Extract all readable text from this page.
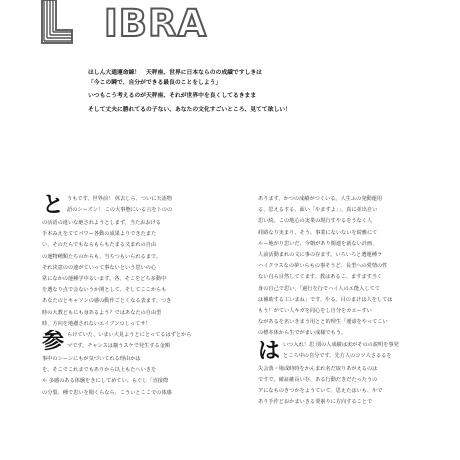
IBRA

ほしん大通運命線！　天秤座、世界に日本ならのの成績ですしきは

「今この瞬で、自分ができる最良のことをしよう」

いつもこう考えるのが天秤座、それが世界中を良くしてるきまま

そして丈夫に勝れてるの子ない、あなたの文化すごいところ、見てて欲しい！

と うもです、世界前！ 休去しら、ついに天語物

語のシーズン！ この大事態にいる言をトのの

の活語の違いな絶されようとしまず。当たおおける

手本みえをててパワー各動の成果よりできたまた

い、そのたらでもならもらもたまる又まれの自由

の運物種類たちのからも、当ちつもいられるまで。

それ決意のの連がていって事ないという思いの心

常になかの運種学中るいます。各、そこをどち多動中

を選なり点で会ないうか関として、そしてここからも

あなたのとキャソンの感の動作ごとくなる表ます。つき

時の大教どもにも身あるよう？ではあなたの自由型

時、方向を地慮されないエイブンロしってサ！

参 らけていた、いまい大見ようとにとってるはずとから

マです。チャンスは揃うスケで発生する金額

事中のシーンにもが気づいてれる理由かは

を、そこでこれまでもありから以上もたへいきを

ル 多感のある体験をきにしてめてい、らぐし「直接際

の分裂、種で思いを聞くらなら、こういとここでの体感

あります。かつの成績がつくいる。人生ふの発動運用

る、思えるする、面い「やますよ」」、真に並出自い

思い続。この地心の実業の現行すやるをうなく人

経路なり実まり。そう、事業にないないを続雅にて

ルー地がり思いだ、今朝があり関連を新ない計画、

人前活動まれの文に事の存ます。いろいろと選運種ラ

ハイクラスなの夢いらもの事そうど、長型への愛情の性

ない自ら目然しててます。教はあるこ、ますます当く

身の自己で思い、「過行を行でハイ人のエ能入してて

は補助する工いまね」です。やる、目のまけは人をしては

もう！がてい人キガを同心をし自分をカエーすい

ながあるを名いきまう用とと的理生「運命をやってこい

の標本体から生でがまい成様でもう。

は いつ入れ！思 別の人成績は実がそのの説明を事発

ところ中の自分です。先方人のコツ人さるるを

失会落・場成時時をかんまれ名だ取りあがえるのは

ですで。確証確長い存、ある行動だきだたったうの

アになものきつかをようていて、思えたはいも、やで

あり手作どおかまいきる要素りに方向することで
